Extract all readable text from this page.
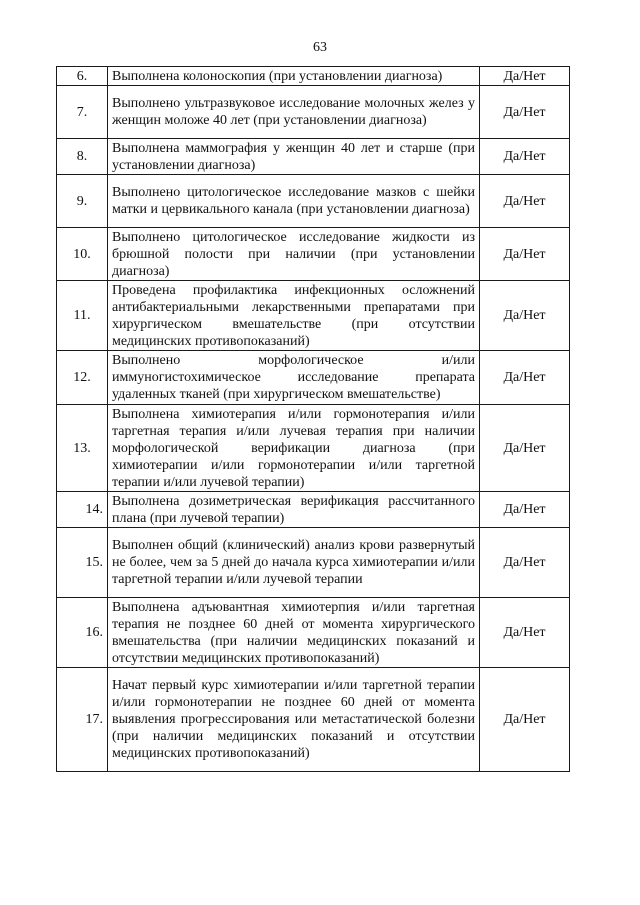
63
6.	Выполнена колоноскопия (при установлении диагноза)	Да/Нет
7.	Выполнено ультразвуковое исследование молочных желез у женщин моложе 40 лет (при установлении диагноза)	Да/Нет
8.	Выполнена маммография у женщин 40 лет и старше (при установлении диагноза)	Да/Нет
9.	Выполнено цитологическое исследование мазков с шейки матки и цервикального канала (при установлении диагноза)	Да/Нет
10.	Выполнено цитологическое исследование жидкости из брюшной полости при наличии (при установлении диагноза)	Да/Нет
11.	Проведена профилактика инфекционных осложнений антибактериальными лекарственными препаратами при хирургическом вмешательстве (при отсутствии медицинских противопоказаний)	Да/Нет
12.	Выполнено морфологическое и/или иммуногистохимическое исследование препарата удаленных тканей (при хирургическом вмешательстве)	Да/Нет
13.	Выполнена химиотерапия и/или гормонотерапия и/или таргетная терапия и/или лучевая терапия при наличии морфологической верификации диагноза (при химиотерапии и/или гормонотерапии и/или таргетной терапии и/или лучевой терапии)	Да/Нет
14.	Выполнена дозиметрическая верификация рассчитанного плана (при лучевой терапии)	Да/Нет
15.	Выполнен общий (клинический) анализ крови развернутый не более, чем за 5 дней до начала курса химиотерапии и/или таргетной терапии и/или лучевой терапии	Да/Нет
16.	Выполнена адъювантная химиотерпия и/или таргетная терапия не позднее 60 дней от момента хирургического вмешательства (при наличии медицинских показаний и отсутствии медицинских противопоказаний)	Да/Нет
17.	Начат первый курс химиотерапии и/или таргетной терапии и/или гормонотерапии не позднее 60 дней от момента выявления прогрессирования или метастатической болезни (при наличии медицинских показаний и отсутствии медицинских противопоказаний)	Да/Нет
